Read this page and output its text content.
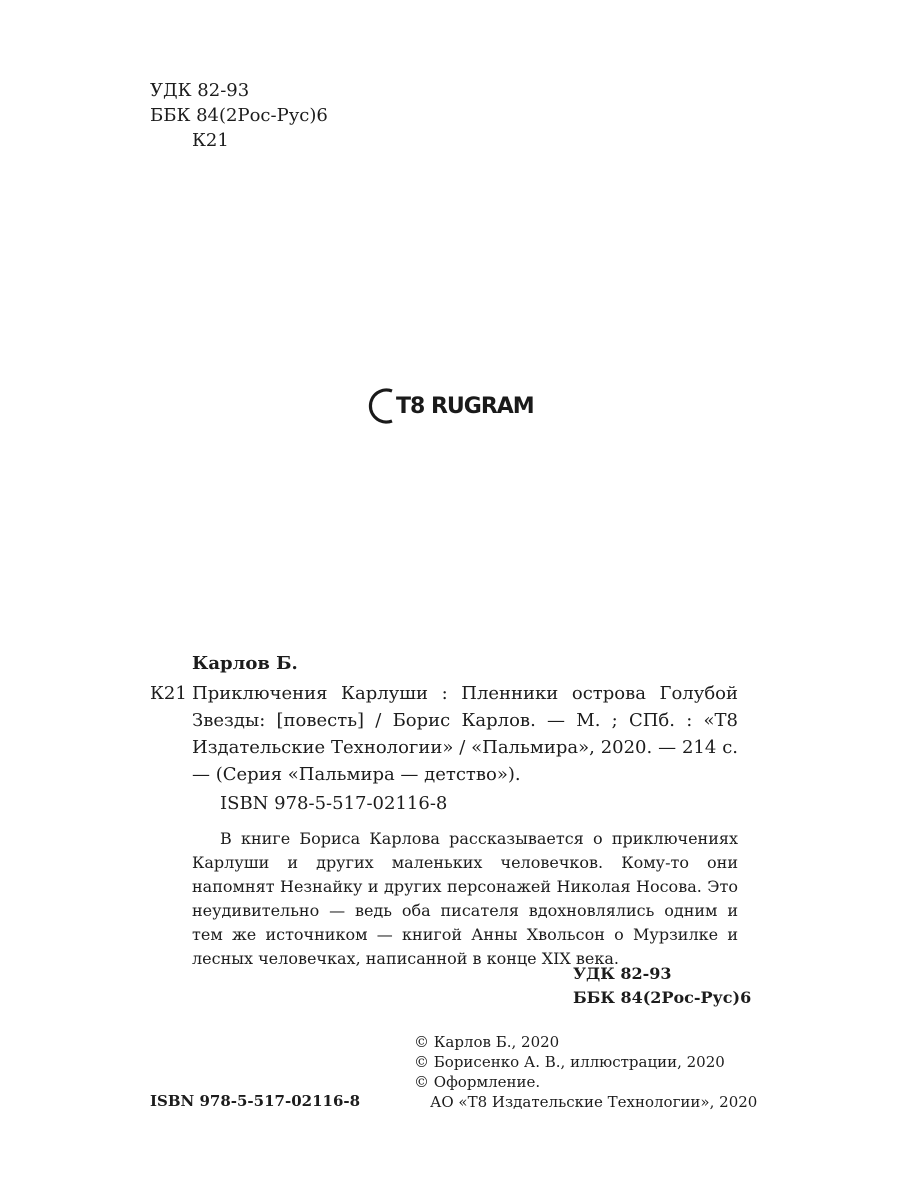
УДК 82-93
ББК 84(2Рос-Рус)6
К21
T8 RUGRAM
Карлов Б.
К21 Приключения Карлуши : Пленники острова Голубой Звезды: [повесть] / Борис Карлов. — М. ; СПб. : «Т8 Издательские Технологии» / «Пальмира», 2020. — 214 с. — (Серия «Пальмира — детство»).
ISBN 978-5-517-02116-8
В книге Бориса Карлова рассказывается о приключениях Карлуши и других маленьких человечков. Кому-то они напомнят Незнайку и других персонажей Николая Носова. Это неудивительно — ведь оба писателя вдохновлялись одним и тем же источником — книгой Анны Хвольсон о Мурзилке и лесных человечках, написанной в конце XIX века.
УДК 82-93
ББК 84(2Рос-Рус)6
© Карлов Б., 2020
© Борисенко А. В., иллюстрации, 2020
© Оформление.
АО «Т8 Издательские Технологии», 2020
ISBN 978-5-517-02116-8
